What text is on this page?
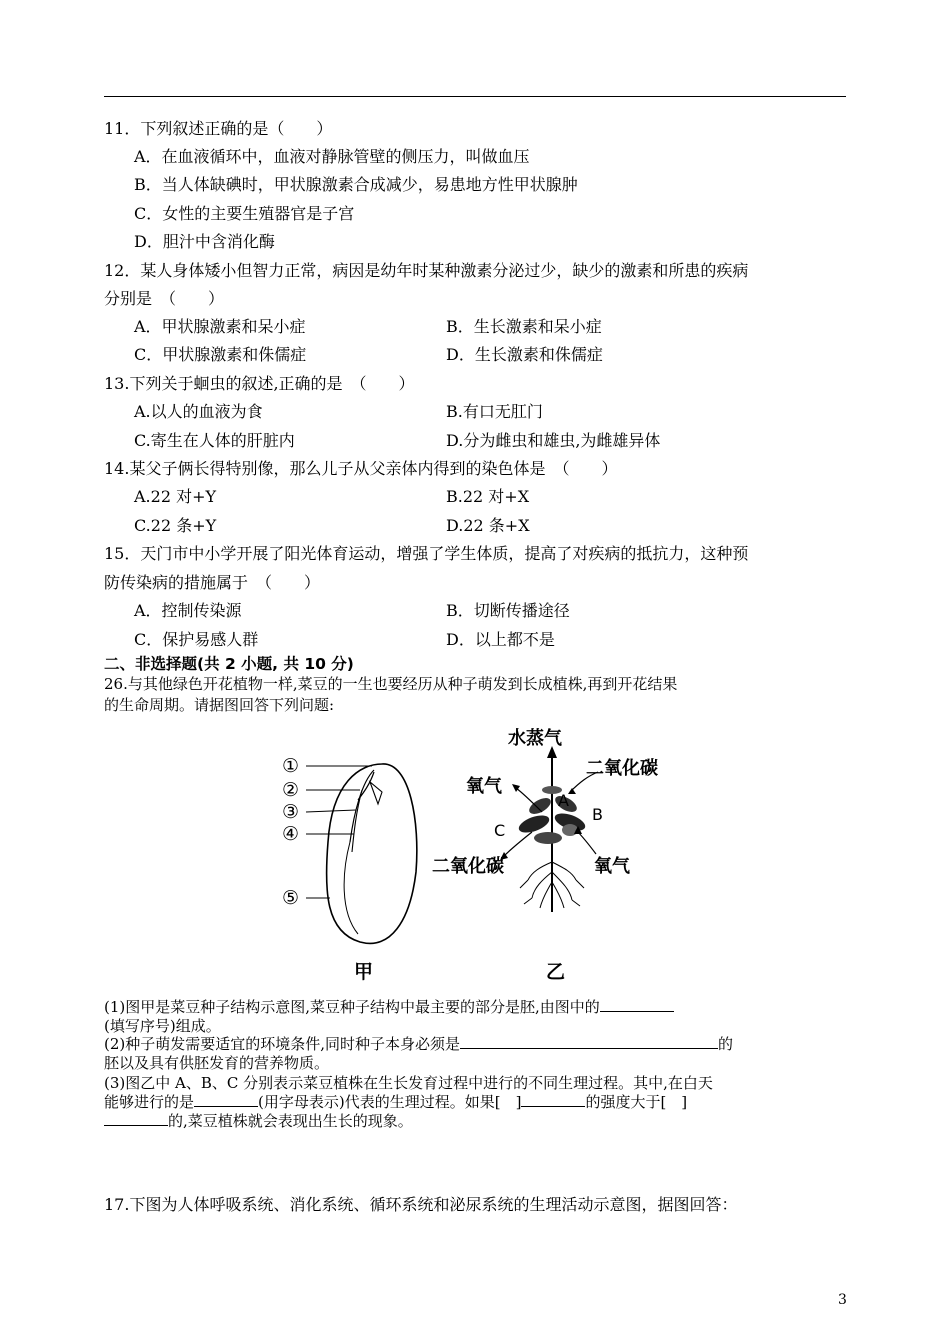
11．下列叙述正确的是（　　）
A．在血液循环中，血液对静脉管壁的侧压力，叫做血压
B．当人体缺碘时，甲状腺激素合成减少，易患地方性甲状腺肿
C．女性的主要生殖器官是子宫
D．胆汁中含消化酶
12．某人身体矮小但智力正常，病因是幼年时某种激素分泌过少，缺少的激素和所患的疾病
分别是　（　　）
A．甲状腺激素和呆小症	B．生长激素和呆小症
C．甲状腺激素和侏儒症	D．生长激素和侏儒症
13.下列关于蛔虫的叙述,正确的是　（　　）
A.以人的血液为食	B.有口无肛门
C.寄生在人体的肝脏内	D.分为雌虫和雄虫,为雌雄异体
14.某父子俩长得特别像，那么儿子从父亲体内得到的染色体是　（　　）
A.22 对+Y	B.22 对+X
C.22 条+Y	D.22 条+X
15．天门市中小学开展了阳光体育运动，增强了学生体质，提高了对疾病的抵抗力，这种预
防传染病的措施属于　（　　）
A．控制传染源	B．切断传播途径
C．保护易感人群	D．以上都不是
二、非选择题(共 2 小题, 共 10 分)
26.与其他绿色开花植物一样,菜豆的一生也要经历从种子萌发到长成植株,再到开花结果
的生命周期。请据图回答下列问题:
①
②
③
④
⑤
甲
水蒸气
二氧化碳
氧气
二氧化碳	氧气
A
B
C
乙
(1)图甲是菜豆种子结构示意图,菜豆种子结构中最主要的部分是胚,由图中的
(填写序号)组成。
(2)种子萌发需要适宜的环境条件,同时种子本身必须是	的
胚以及具有供胚发育的营养物质。
(3)图乙中 A、B、C 分别表示菜豆植株在生长发育过程中进行的不同生理过程。其中,在白天
能够进行的是	(用字母表示)代表的生理过程。如果[　]	的强度大于[　]
的,菜豆植株就会表现出生长的现象。
17.下图为人体呼吸系统、消化系统、循环系统和泌尿系统的生理活动示意图，据图回答：
3
